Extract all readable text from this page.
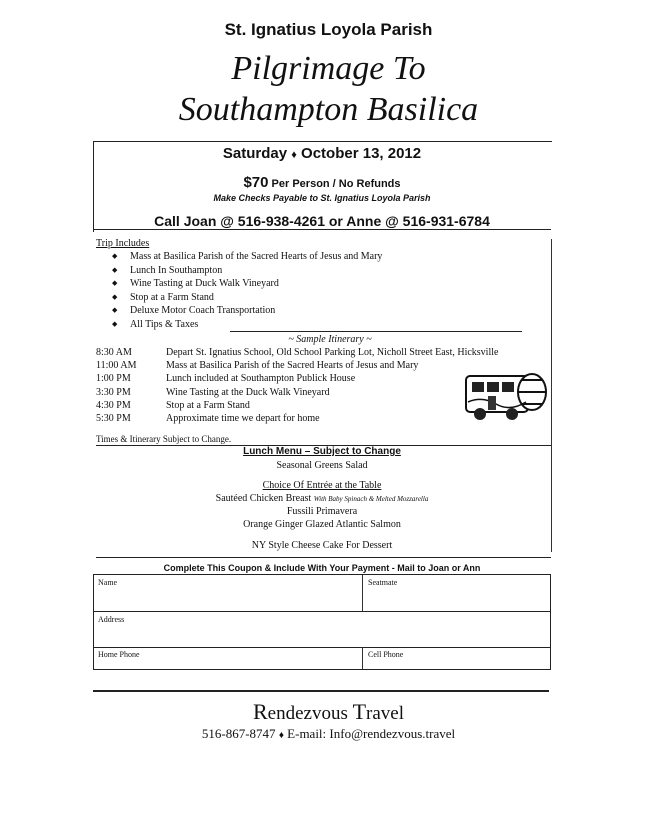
St. Ignatius Loyola Parish
Pilgrimage To
Southampton Basilica
Saturday ♦ October 13, 2012
$70 Per Person / No Refunds
Make Checks Payable to St. Ignatius Loyola Parish
Call Joan @ 516-938-4261 or Anne @ 516-931-6784
Trip Includes
◆ Mass at Basilica Parish of the Sacred Hearts of Jesus and Mary
◆ Lunch In Southampton
◆ Wine Tasting at Duck Walk Vineyard
◆ Stop at a Farm Stand
◆ Deluxe Motor Coach Transportation
◆ All Tips & Taxes
~ Sample Itinerary ~
8:30 AM	Depart St. Ignatius School, Old School Parking Lot, Nicholl Street East, Hicksville
11:00 AM	Mass at Basilica Parish of the Sacred Hearts of Jesus and Mary
1:00 PM	Lunch included at Southampton Publick House
3:30 PM	Wine Tasting at the Duck Walk Vineyard
4:30 PM	Stop at a Farm Stand
5:30 PM	Approximate time we depart for home
Times & Itinerary Subject to Change.
Lunch Menu – Subject to Change
Seasonal Greens Salad
Choice Of Entrée at the Table
Sautéed Chicken Breast With Baby Spinach & Melted Mozzarella
Fussili Primavera
Orange Ginger Glazed Atlantic Salmon
NY Style Cheese Cake For Dessert
Complete This Coupon & Include With Your Payment - Mail to Joan or Ann
Name	Seatmate
Address
Home Phone	Cell Phone
Rendezvous Travel
516-867-8747 ♦ E-mail: Info@rendezvous.travel
